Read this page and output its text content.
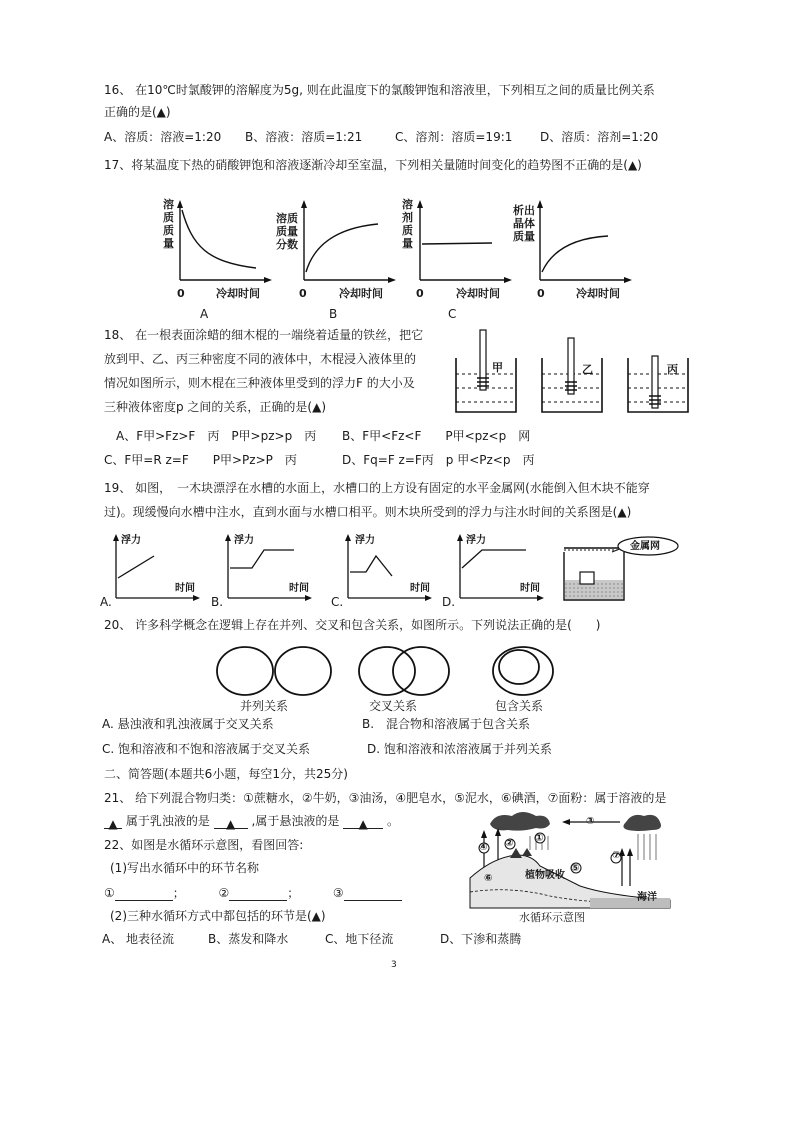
16、 在10℃时氯酸钾的溶解度为5g, 则在此温度下的氯酸钾饱和溶液里，下列相互之间的质量比例关系
正确的是(▲)
A、溶质：溶液=1:20 B、溶液：溶质=1:21	C、溶剂：溶质=19:1 D、溶质：溶剂=1:20
17、将某温度下热的硝酸钾饱和溶液逐渐冷却至室温，下列相关量随时间变化的趋势图不正确的是(▲)
溶质质量
0	冷却时间
A
溶质质量分数
0	冷却时间
B
溶剂质量
0	冷却时间
C
析出晶体质量
0	冷却时间
18、 在一根表面涂蜡的细木棍的一端绕着适量的铁丝，把它
放到甲、乙、丙三种密度不同的液体中，木棍浸入液体里的
情况如图所示，则木棍在三种液体里受到的浮力F 的大小及
三种液体密度p 之间的关系，正确的是(▲)
A、F甲>Fz>F　丙　P甲>pz>p　丙 B、F甲<Fz<F　　P甲<pz<p　网
C、F甲=R z=F　　P甲>Pz>P　丙	D、Fq=F z=F丙　p 甲<Pz<p　丙
甲	乙	丙
19、 如图，　一木块漂浮在水槽的水面上，水槽口的上方设有固定的水平金属网(水能倒入但木块不能穿
过)。现缓慢向水槽中注水，直到水面与水槽口相平。则木块所受到的浮力与注水时间的关系图是(▲)
浮力
时间
A.
浮力
时间
B.
浮力
时间
C.
浮力
时间
D.
金属网
20、 许多科学概念在逻辑上存在并列、交叉和包含关系，如图所示。下列说法正确的是(　　)
并列关系	交叉关系	包含关系
A. 悬浊液和乳浊液属于交叉关系	B.　混合物和溶液属于包含关系
C. 饱和溶液和不饱和溶液属于交叉关系	D. 饱和溶液和浓溶液属于并列关系
二、简答题(本题共6小题，每空1分，共25分)
21、 给下列混合物归类：①蔗糖水，②牛奶，③油汤，④肥皂水，⑤泥水，⑥碘酒，⑦面粉：属于溶液的是
▲ 属于乳浊液的是 ▲ ,属于悬浊液的是 ▲ 。
22、如图是水循环示意图，看图回答:
(1)写出水循环中的环节名称
①	；	②	；	③
(2)三种水循环方式中都包括的环节是(▲)
A、 地表径流	B、蒸发和降水	C、地下径流	D、下渗和蒸腾
③
④ ② ①
⑤
⑦
⑥
海洋
植物吸收
水循环示意图
3
